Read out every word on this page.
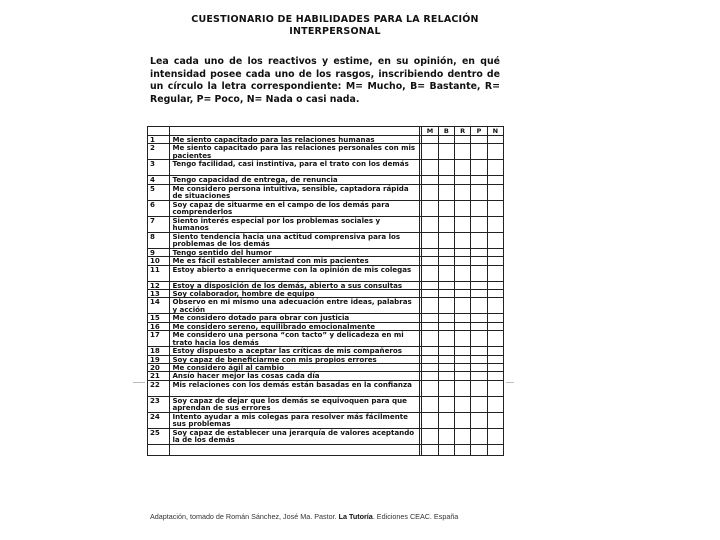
CUESTIONARIO DE HABILIDADES PARA LA RELACIÓN
INTERPERSONAL
Lea cada uno de los reactivos y estime, en su opinión, en qué intensidad posee cada uno de los rasgos, inscribiendo dentro de un círculo la letra correspondiente: M= Mucho, B= Bastante, R= Regular, P= Poco, N= Nada o casi nada.
			M	B	R	P	N
1	Me siento capacitado para las relaciones humanas						
2	Me siento capacitado para las relaciones personales con mis pacientes						
3	Tengo facilidad, casi instintiva, para el trato con los demás						
4	Tengo capacidad de entrega, de renuncia						
5	Me considero persona intuitiva, sensible, captadora rápida de situaciones						
6	Soy capaz de situarme en el campo de los demás para comprenderlos						
7	Siento interés especial por los problemas sociales y humanos						
8	Siento tendencia hacia una actitud comprensiva para los problemas de los demás						
9	Tengo sentido del humor						
10	Me es fácil establecer amistad con mis pacientes						
11	Estoy abierto a enriquecerme con la opinión de mis colegas						
12	Estoy a disposición de los demás, abierto a sus consultas						
13	Soy colaborador, hombre de equipo						
14	Observo en mi mismo una adecuación entre ideas, palabras y acción						
15	Me considero dotado para obrar con justicia						
16	Me considero sereno, equilibrado emocionalmente						
17	Me considero una persona “con tacto” y delicadeza en mi trato hacia los demás						
18	Estoy dispuesto a aceptar las críticas de mis compañeros						
19	Soy capaz de beneficiarme con mis propios errores						
20	Me considero ágil al cambio						
21	Ansío hacer mejor las cosas cada día						
22	Mis relaciones con los demás están basadas en la confianza						
23	Soy capaz de dejar que los demás se equivoquen para que aprendan de sus errores						
24	Intento ayudar a mis colegas para resolver más fácilmente sus problemas						
25	Soy capaz de establecer una jerarquía de valores aceptando la de los demás						

Adaptación, tomado de Román Sánchez, José Ma. Pastor. La Tutoría. Ediciones CEAC. España
